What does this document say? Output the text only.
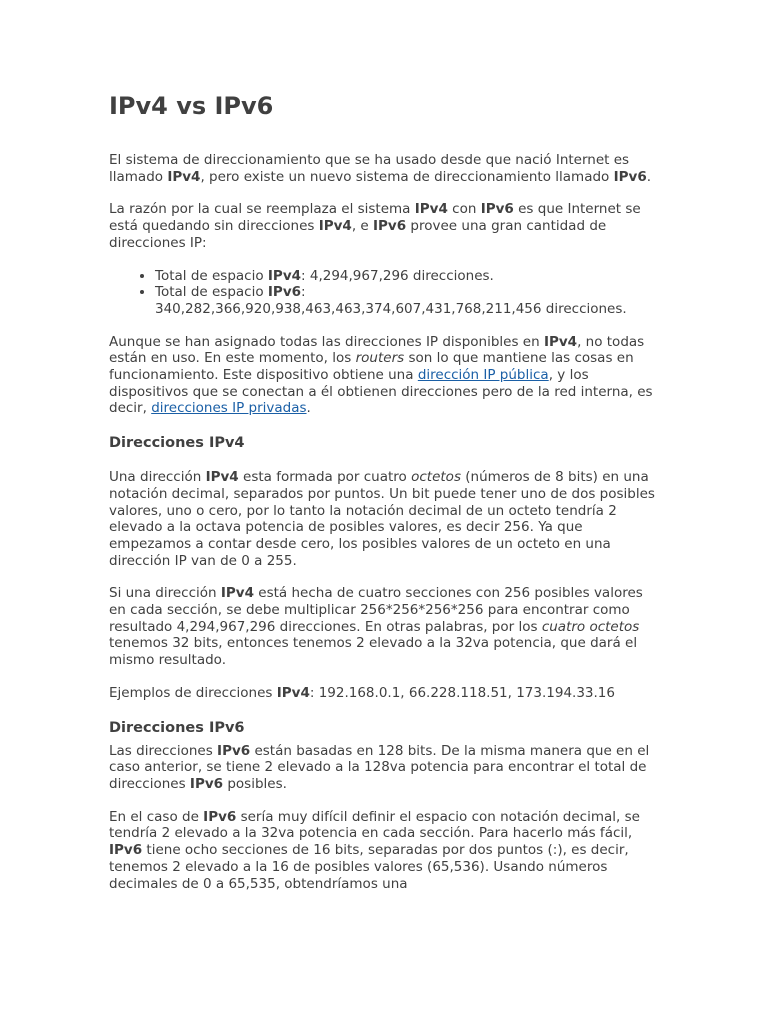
IPv4 vs IPv6

El sistema de direccionamiento que se ha usado desde que nació Internet es llamado IPv4, pero existe un nuevo sistema de direccionamiento llamado IPv6.

La razón por la cual se reemplaza el sistema IPv4 con IPv6 es que Internet se está quedando sin direcciones IPv4, e IPv6 provee una gran cantidad de direcciones IP:

• Total de espacio IPv4: 4,294,967,296 direcciones.
• Total de espacio IPv6: 340,282,366,920,938,463,463,374,607,431,768,211,456 direcciones.

Aunque se han asignado todas las direcciones IP disponibles en IPv4, no todas están en uso. En este momento, los routers son lo que mantiene las cosas en funcionamiento. Este dispositivo obtiene una dirección IP pública, y los dispositivos que se conectan a él obtienen direcciones pero de la red interna, es decir, direcciones IP privadas.

Direcciones IPv4

Una dirección IPv4 esta formada por cuatro octetos (números de 8 bits) en una notación decimal, separados por puntos. Un bit puede tener uno de dos posibles valores, uno o cero, por lo tanto la notación decimal de un octeto tendría 2 elevado a la octava potencia de posibles valores, es decir 256. Ya que empezamos a contar desde cero, los posibles valores de un octeto en una dirección IP van de 0 a 255.

Si una dirección IPv4 está hecha de cuatro secciones con 256 posibles valores en cada sección, se debe multiplicar 256*256*256*256 para encontrar como resultado 4,294,967,296 direcciones. En otras palabras, por los cuatro octetos tenemos 32 bits, entonces tenemos 2 elevado a la 32va potencia, que dará el mismo resultado.

Ejemplos de direcciones IPv4: 192.168.0.1, 66.228.118.51, 173.194.33.16

Direcciones IPv6

Las direcciones IPv6 están basadas en 128 bits. De la misma manera que en el caso anterior, se tiene 2 elevado a la 128va potencia para encontrar el total de direcciones IPv6 posibles.

En el caso de IPv6 sería muy difícil definir el espacio con notación decimal, se tendría 2 elevado a la 32va potencia en cada sección. Para hacerlo más fácil, IPv6 tiene ocho secciones de 16 bits, separadas por dos puntos (:), es decir, tenemos 2 elevado a la 16 de posibles valores (65,536). Usando números decimales de 0 a 65,535, obtendríamos una
